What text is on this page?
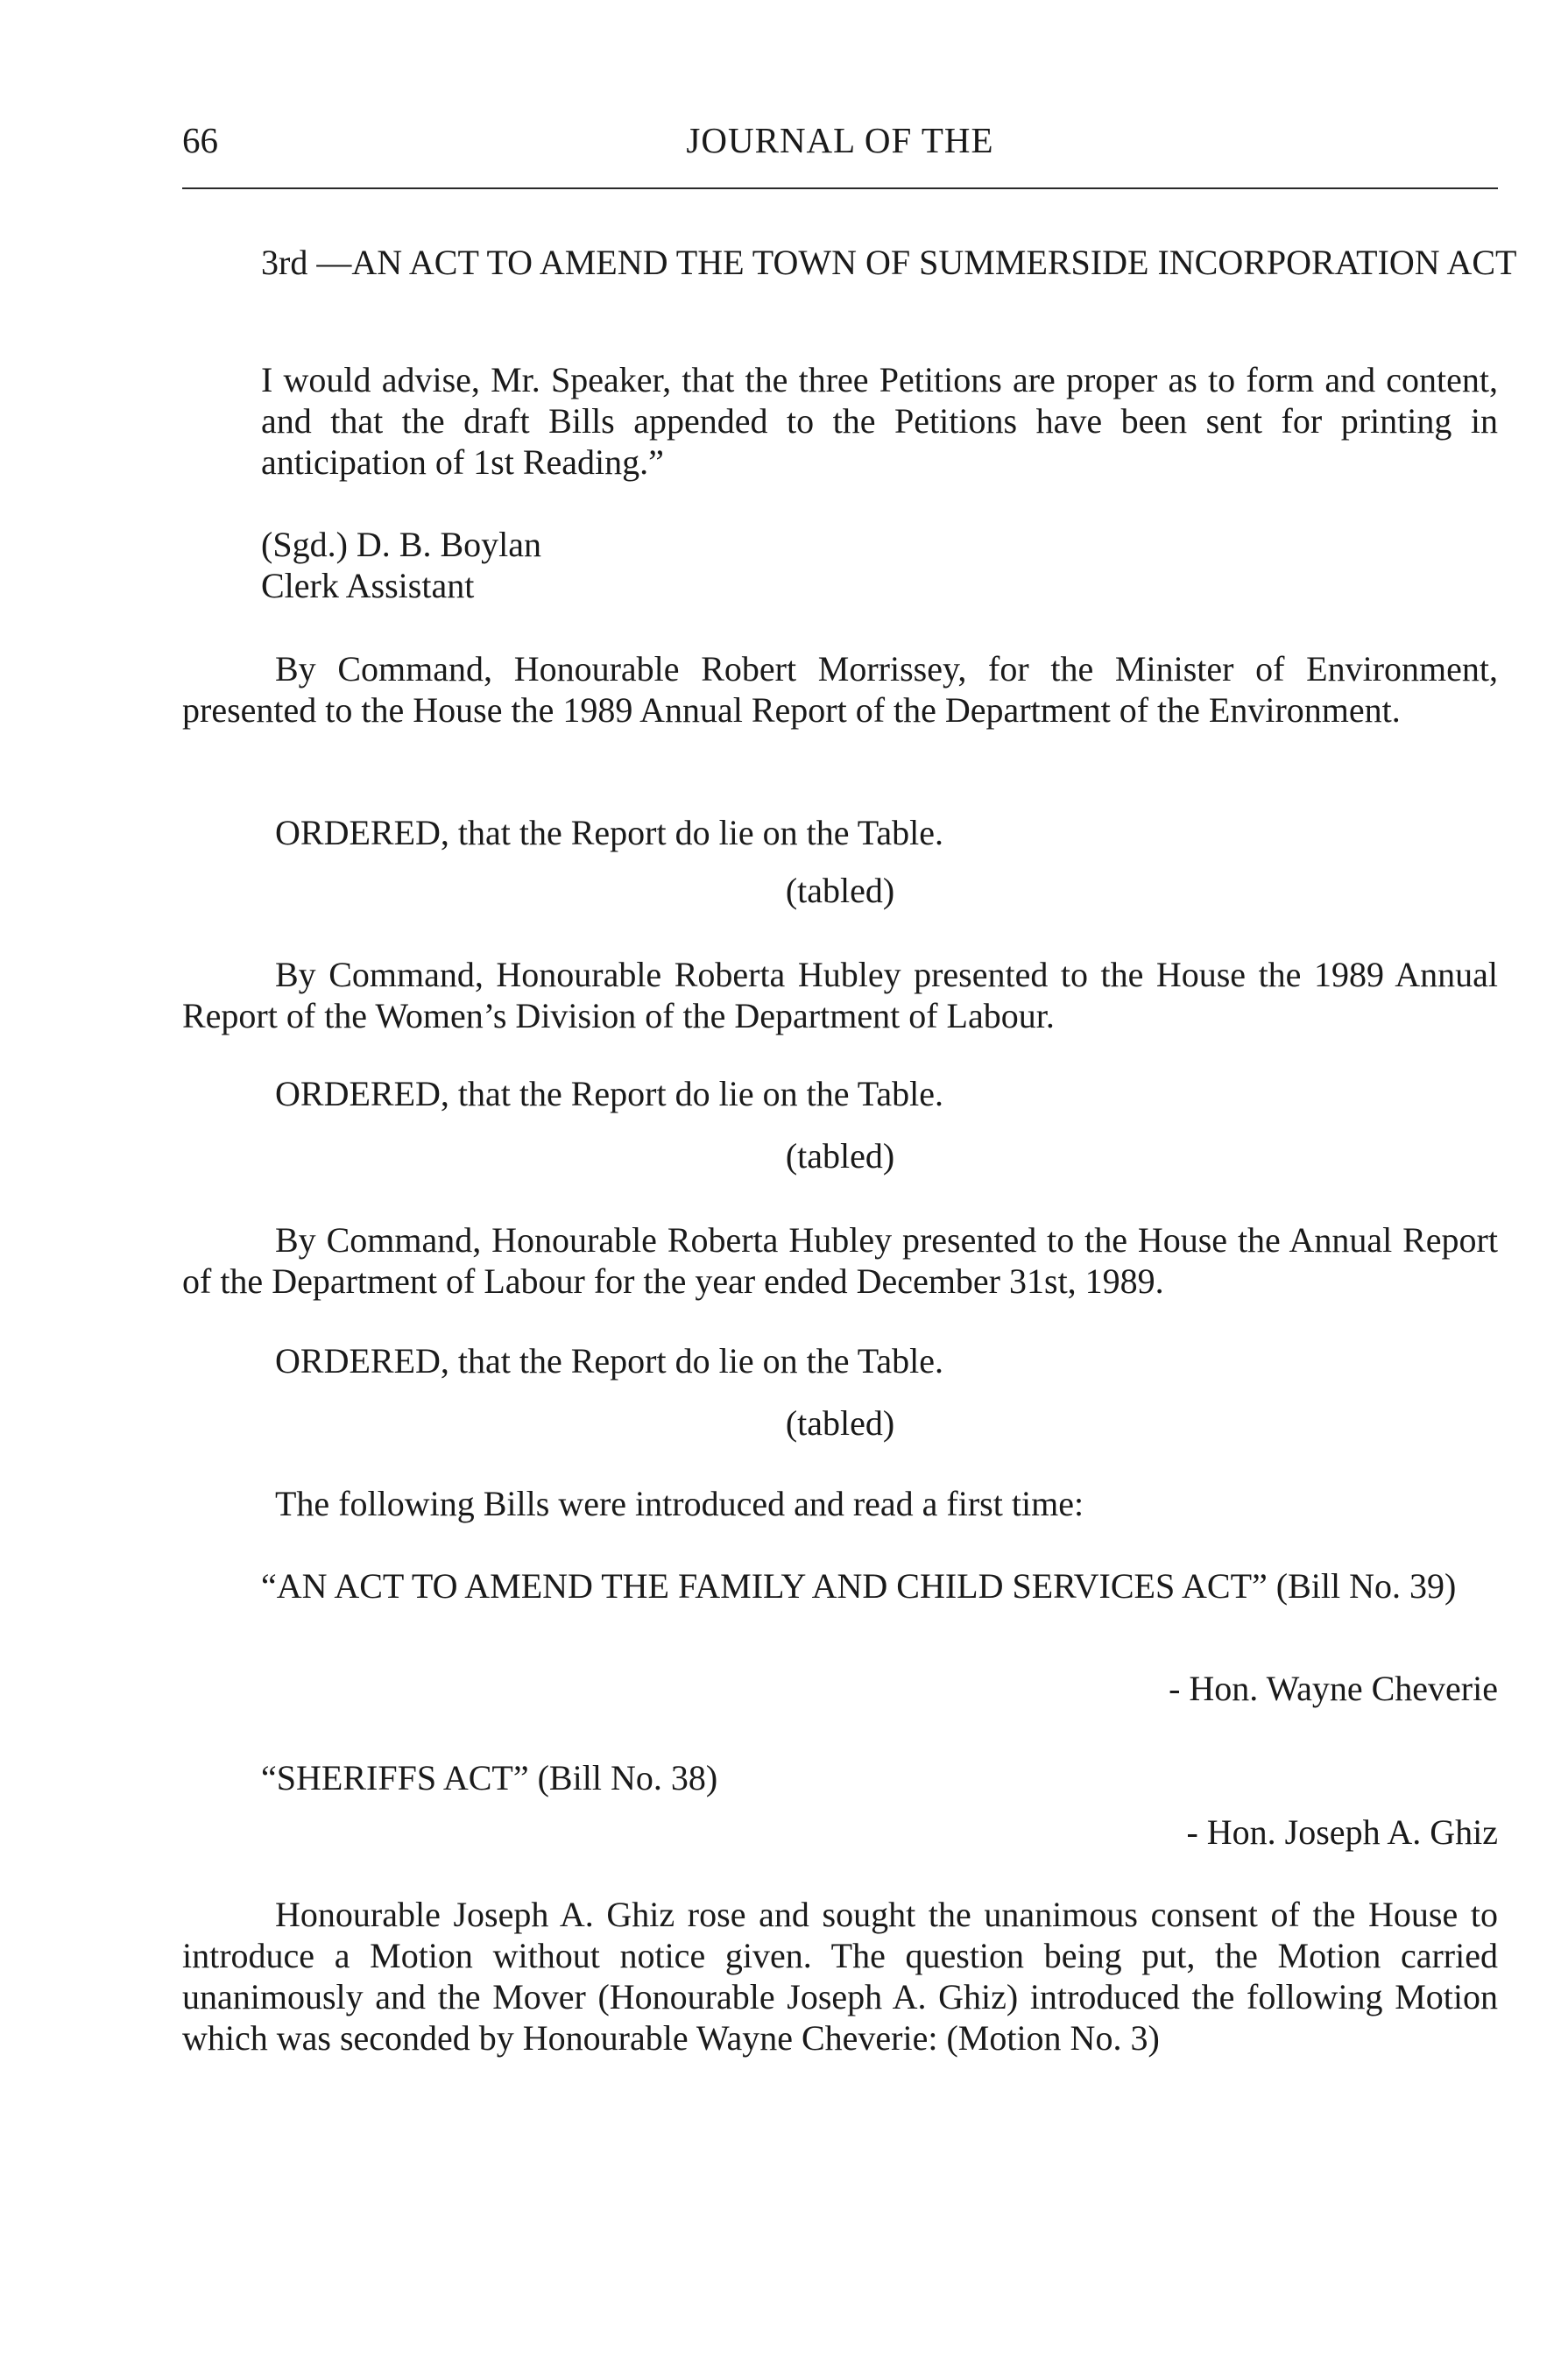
66	JOURNAL OF THE

3rd —AN ACT TO AMEND THE TOWN OF SUMMERSIDE INCORPORATION ACT

I would advise, Mr. Speaker, that the three Petitions are proper as to form and content, and that the draft Bills appended to the Petitions have been sent for printing in anticipation of 1st Reading.”

(Sgd.) D. B. Boylan
Clerk Assistant

By Command, Honourable Robert Morrissey, for the Minister of Environment, presented to the House the 1989 Annual Report of the Department of the Environment.

ORDERED, that the Report do lie on the Table.

(tabled)

By Command, Honourable Roberta Hubley presented to the House the 1989 Annual Report of the Women’s Division of the Department of Labour.

ORDERED, that the Report do lie on the Table.

(tabled)

By Command, Honourable Roberta Hubley presented to the House the Annual Report of the Department of Labour for the year ended December 31st, 1989.

ORDERED, that the Report do lie on the Table.

(tabled)

The following Bills were introduced and read a first time:

“AN ACT TO AMEND THE FAMILY AND CHILD SERVICES ACT” (Bill No. 39)

- Hon. Wayne Cheverie

“SHERIFFS ACT” (Bill No. 38)

- Hon. Joseph A. Ghiz

Honourable Joseph A. Ghiz rose and sought the unanimous consent of the House to introduce a Motion without notice given. The question being put, the Motion carried unanimously and the Mover (Honourable Joseph A. Ghiz) introduced the following Motion which was seconded by Honourable Wayne Cheverie: (Motion No. 3)
